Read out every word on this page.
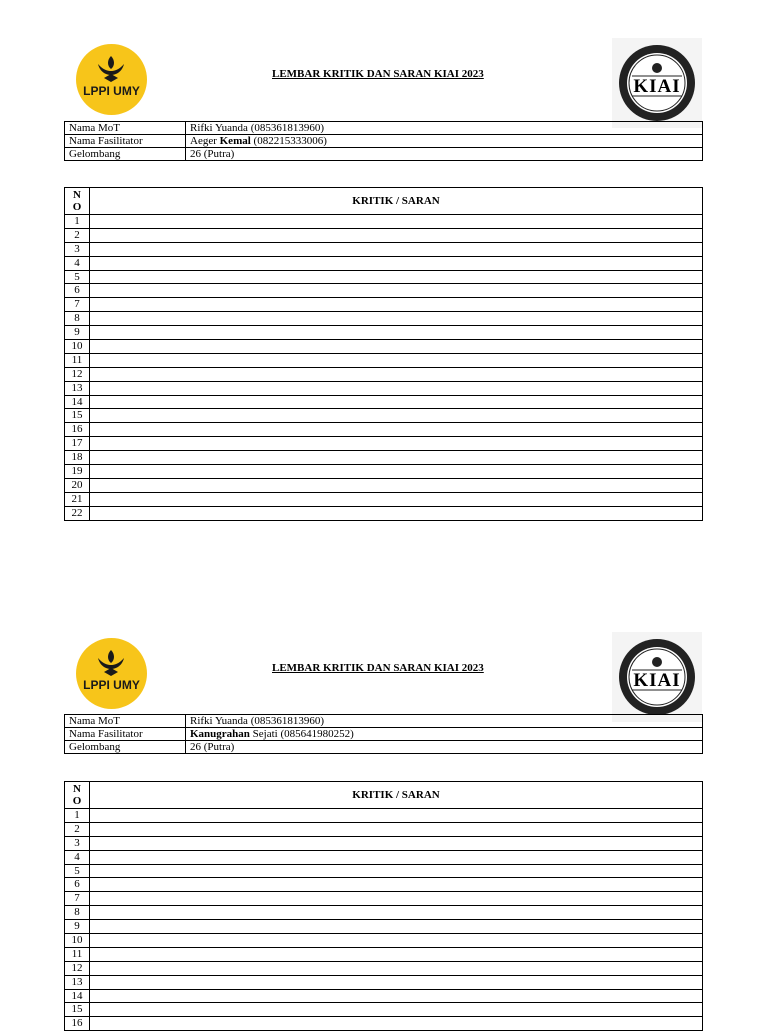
LPPI UMY
LEMBAR KRITIK DAN SARAN KIAI 2023
KIAI
Nama MoT	Rifki Yuanda (085361813960)
Nama Fasilitator	Aeger Kemal (082215333006)
Gelombang	26 (Putra)
N
O	KRITIK / SARAN
1	
2	
3	
4	
5	
6	
7	
8	
9	
10	
11	
12	
13	
14	
15	
16	
17	
18	
19	
20	
21	
22	
LPPI UMY
LEMBAR KRITIK DAN SARAN KIAI 2023
KIAI
Nama MoT	Rifki Yuanda (085361813960)
Nama Fasilitator	Kanugrahan Sejati (085641980252)
Gelombang	26 (Putra)
N
O	KRITIK / SARAN
1	
2	
3	
4	
5	
6	
7	
8	
9	
10	
11	
12	
13	
14	
15	
16	
